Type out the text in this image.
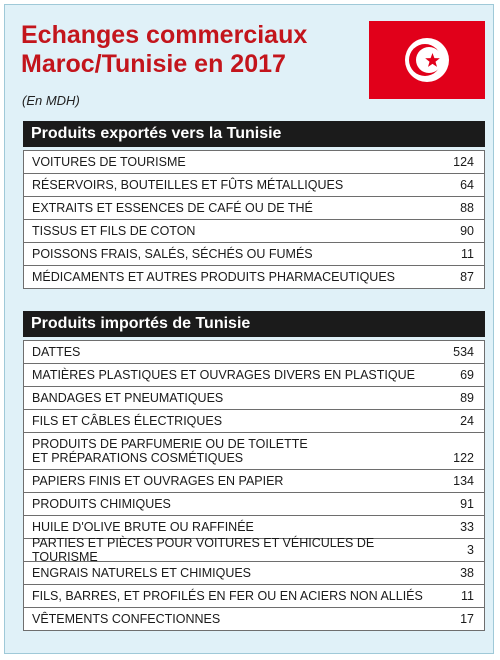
Echanges commerciaux Maroc/Tunisie en 2017
(En MDH)
Produits exportés vers la Tunisie
VOITURES DE TOURISME	124
RÉSERVOIRS, BOUTEILLES ET FÛTS MÉTALLIQUES	64
EXTRAITS ET ESSENCES DE CAFÉ OU DE THÉ	88
TISSUS ET FILS DE COTON	90
POISSONS FRAIS, SALÉS, SÉCHÉS OU FUMÉS	11
MÉDICAMENTS ET AUTRES PRODUITS PHARMACEUTIQUES	87
Produits importés de Tunisie
DATTES	534
MATIÈRES PLASTIQUES ET OUVRAGES DIVERS EN PLASTIQUE	69
BANDAGES ET PNEUMATIQUES	89
FILS ET CÂBLES ÉLECTRIQUES	24
PRODUITS DE PARFUMERIE OU DE TOILETTE
ET PRÉPARATIONS COSMÉTIQUES	122
PAPIERS FINIS ET OUVRAGES EN PAPIER	134
PRODUITS CHIMIQUES	91
HUILE D'OLIVE BRUTE OU RAFFINÉE	33
PARTIES ET PIÈCES POUR VOITURES ET VÉHICULES DE TOURISME	3
ENGRAIS NATURELS ET CHIMIQUES	38
FILS, BARRES, ET PROFILÉS EN FER OU EN ACIERS NON ALLIÉS	11
VÊTEMENTS CONFECTIONNES	17
